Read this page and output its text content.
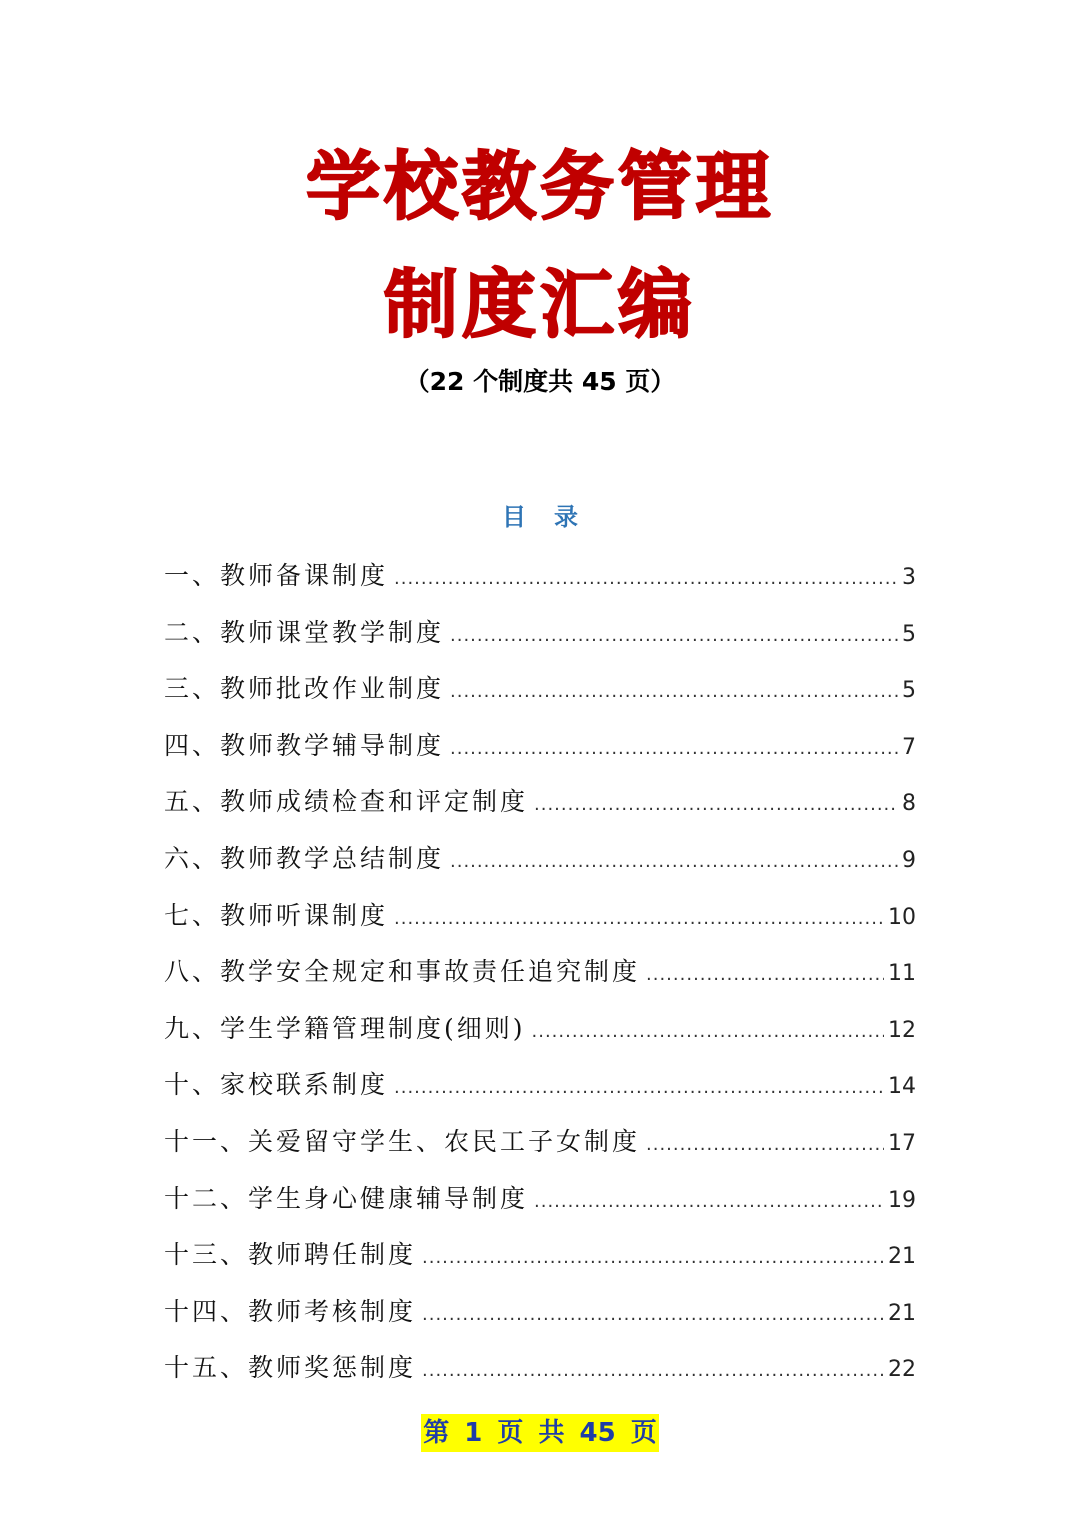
学校教务管理
制度汇编
（22 个制度共 45 页）
目录
一、教师备课制度 .....	3
二、教师课堂教学制度 .....	5
三、教师批改作业制度 .....	5
四、教师教学辅导制度 .....	7
五、教师成绩检查和评定制度 .....	8
六、教师教学总结制度 .....	9
七、教师听课制度 .....	10
八、教学安全规定和事故责任追究制度 .....	11
九、学生学籍管理制度(细则) .....	12
十、家校联系制度 .....	14
十一、关爱留守学生、农民工子女制度 .....	17
十二、学生身心健康辅导制度 .....	19
十三、教师聘任制度 .....	21
十四、教师考核制度 .....	21
十五、教师奖惩制度 .....	22
第 1 页 共 45 页
